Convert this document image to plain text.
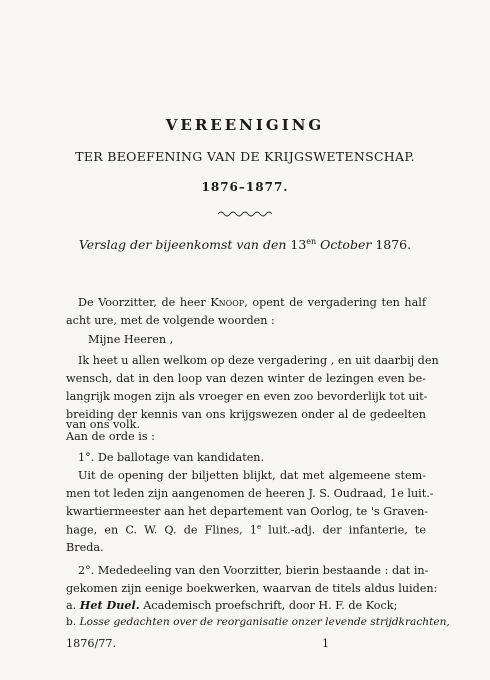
VEREENIGING
TER BEOEFENING VAN DE KRIJGSWETENSCHAP.
1876–1877.
Verslag der bijeenkomst van den $13^{en}$ October 1876.
De Voorzitter, de heer Knoop, opent de vergadering ten half
acht ure, met de volgende woorden :
Mijne Heeren ,
Ik heet u allen welkom op deze vergadering , en uit daarbij den
wensch, dat in den loop van dezen winter de lezingen even be-
langrijk mogen zijn als vroeger en even zoo bevorderlijk tot uit-
breiding der kennis van ons krijgswezen onder al de gedeelten
van ons volk.
Aan de orde is :
1°. De ballotage van kandidaten.
Uit de opening der biljetten blijkt, dat met algemeene stem-
men tot leden zijn aangenomen de heeren J. S. Oudraad, 1e luit.-
kwartiermeester aan het departement van Oorlog, te 's Graven-
hage, en C. W. Q. de Flines, 1e luit.-adj. der infanterie, te
Breda.
2°. Mededeeling van den Voorzitter, bierin bestaande : dat in-
gekomen zijn eenige boekwerken, waarvan de titels aldus luiden:
a. Het Duel. Academisch proefschrift, door H. F. de Kock;
b. Losse gedachten over de reorganisatie onzer levende strijdkrachten,
1876/77.	1
